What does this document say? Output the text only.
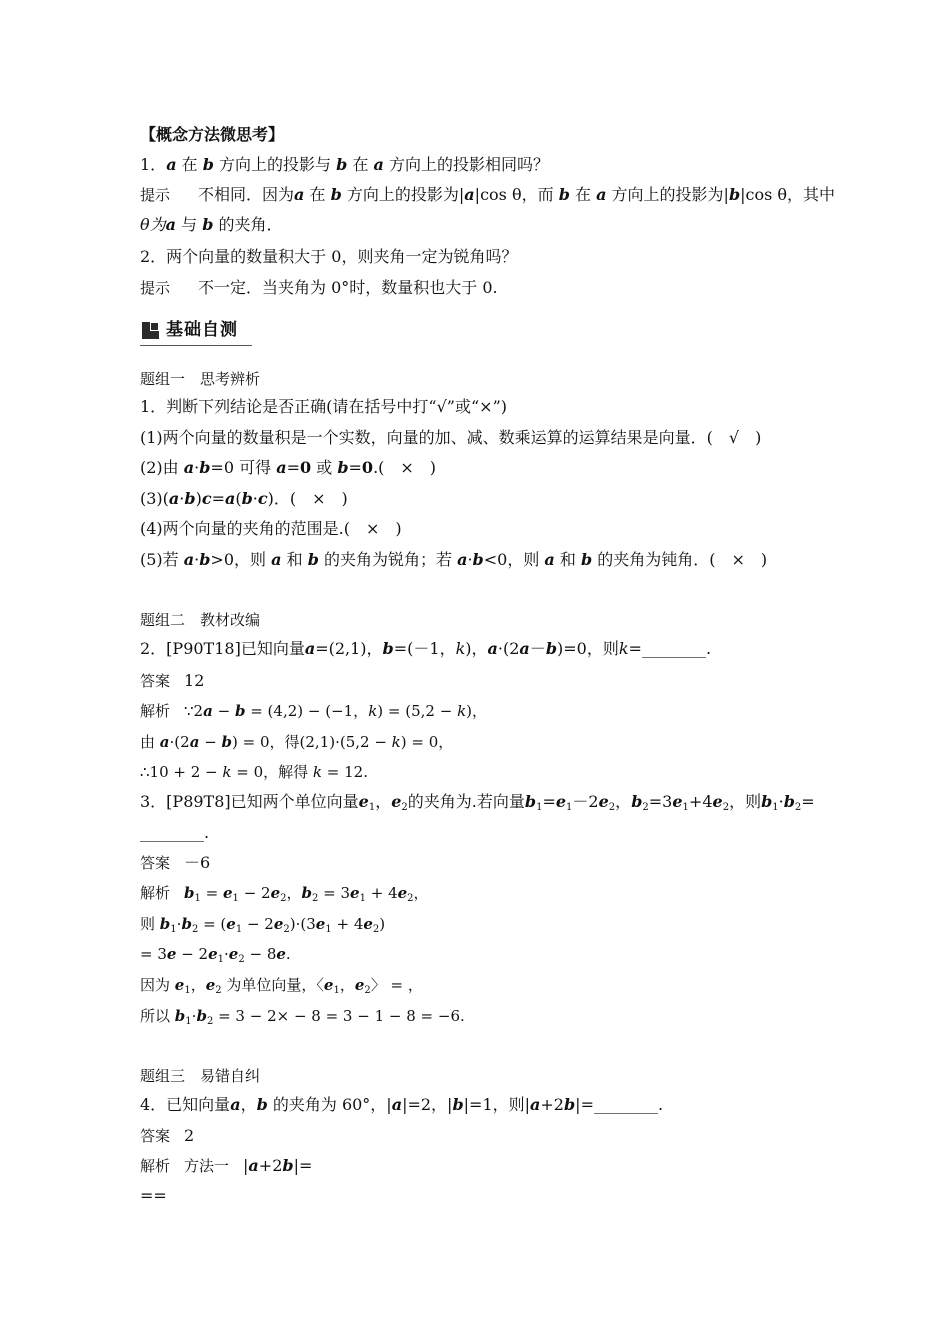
【概念方法微思考】
1．a 在 b 方向上的投影与 b 在 a 方向上的投影相同吗？
提示 不相同．因为a 在 b 方向上的投影为|a|cos θ，而 b 在 a 方向上的投影为|b|cos θ，其中
θ为a 与 b 的夹角．
2．两个向量的数量积大于 0，则夹角一定为锐角吗？
提示 不一定．当夹角为 0°时，数量积也大于 0.
基础自测
题组一　思考辨析
1．判断下列结论是否正确(请在括号中打“√”或“×”)
(1)两个向量的数量积是一个实数，向量的加、减、数乘运算的运算结果是向量．(　√　)
(2)由 a·b=0 可得 a=0 或 b=0.(　×　)
(3)(a·b)c=a(b·c)．(　×　)
(4)两个向量的夹角的范围是.(　×　)
(5)若 a·b>0，则 a 和 b 的夹角为锐角；若 a·b<0，则 a 和 b 的夹角为钝角．(　×　)
题组二　教材改编
2．[P90T18]已知向量a=(2,1)，b=(－1，k)，a·(2a－b)=0，则k=________.
答案 12
解析 ∵2a − b = (4,2) − (−1，k) = (5,2 − k)，
由 a·(2a − b) = 0，得(2,1)·(5,2 − k) = 0，
∴10 + 2 − k = 0，解得 k = 12.
3．[P89T8]已知两个单位向量$e_1$，$e_2$的夹角为.若向量$b_1=e_1-2e_2$，$b_2=3e_1+4e_2$，则$b_1\cdot b_2=$
________.
答案 －6
解析 $b_1 = e_1 - 2e_2$，$b_2 = 3e_1 + 4e_2$，
则 $b_1\cdot b_2 = (e_1 - 2e_2)\cdot(3e_1 + 4e_2)$
= $3e - 2e_1\cdot e_2 - 8e$.
因为 $e_1$，$e_2$ 为单位向量，〈$e_1$，$e_2$〉 = ，
所以 $b_1\cdot b_2 = 3 - 2\times - 8 = 3 - 1 - 8 = -6$.
题组三　易错自纠
4．已知向量a，b 的夹角为 60°，|a|=2，|b|=1，则|a+2b|=________.
答案 2
解析 方法一 |a+2b|=
==
